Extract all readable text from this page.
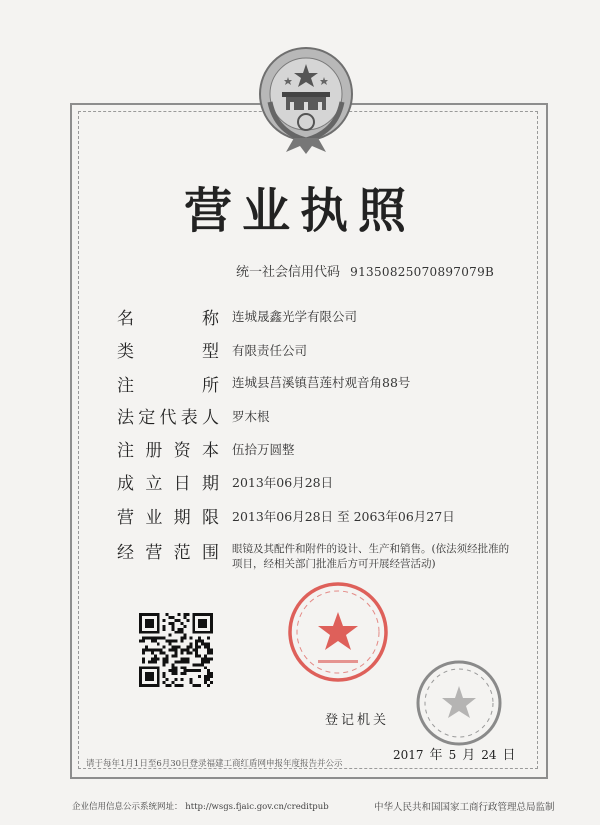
营业执照
统一社会信用代码 91350825070897079B
名	称 连城晟鑫光学有限公司
类	型 有限责任公司
注	所 连城县莒溪镇莒莲村观音角88号
法 定 代 表 人 罗木根
注 册 资 本 伍拾万圆整
成 立 日 期 2013年06月28日
营 业 期 限 2013年06月28日 至 2063年06月27日
经 营 范 围 眼镜及其配件和附件的设计、生产和销售。(依法须经批准的项目，经相关部门批准后方可开展经营活动)
登记机关
2017 年 5 月 24 日
请于每年1月1日至6月30日登录福建工商红盾网申报年度报告并公示
企业信用信息公示系统网址： http://wsgs.fjaic.gov.cn/creditpub	中华人民共和国国家工商行政管理总局监制
